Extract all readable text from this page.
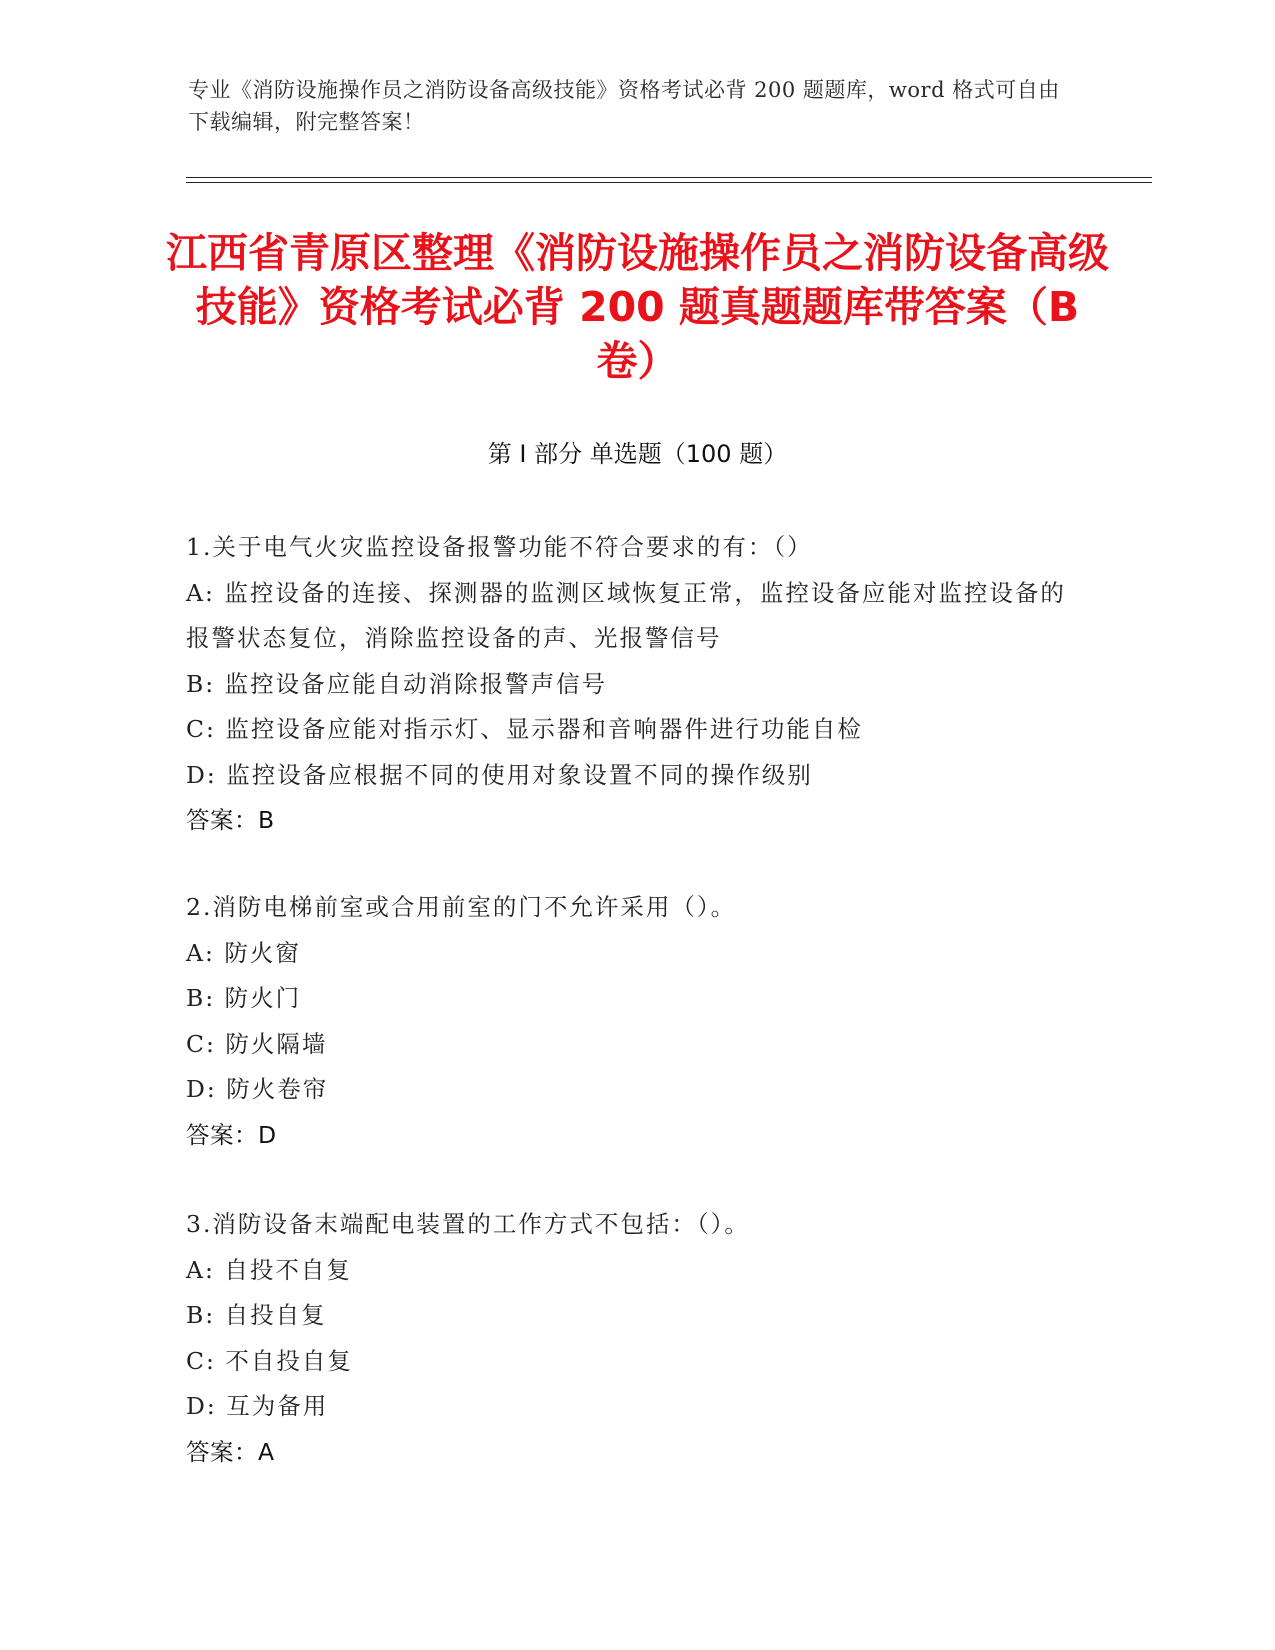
专业《消防设施操作员之消防设备高级技能》资格考试必背 200 题题库，word 格式可自由下载编辑，附完整答案！
江西省青原区整理《消防设施操作员之消防设备高级技能》资格考试必背 200 题真题题库带答案（B 卷）
第 I 部分 单选题（100 题）
1.关于电气火灾监控设备报警功能不符合要求的有：（）
A: 监控设备的连接、探测器的监测区域恢复正常，监控设备应能对监控设备的报警状态复位，消除监控设备的声、光报警信号
B: 监控设备应能自动消除报警声信号
C: 监控设备应能对指示灯、显示器和音响器件进行功能自检
D: 监控设备应根据不同的使用对象设置不同的操作级别
答案：B
2.消防电梯前室或合用前室的门不允许采用（）。
A: 防火窗
B: 防火门
C: 防火隔墙
D: 防火卷帘
答案：D
3.消防设备末端配电装置的工作方式不包括：（）。
A: 自投不自复
B: 自投自复
C: 不自投自复
D: 互为备用
答案：A
